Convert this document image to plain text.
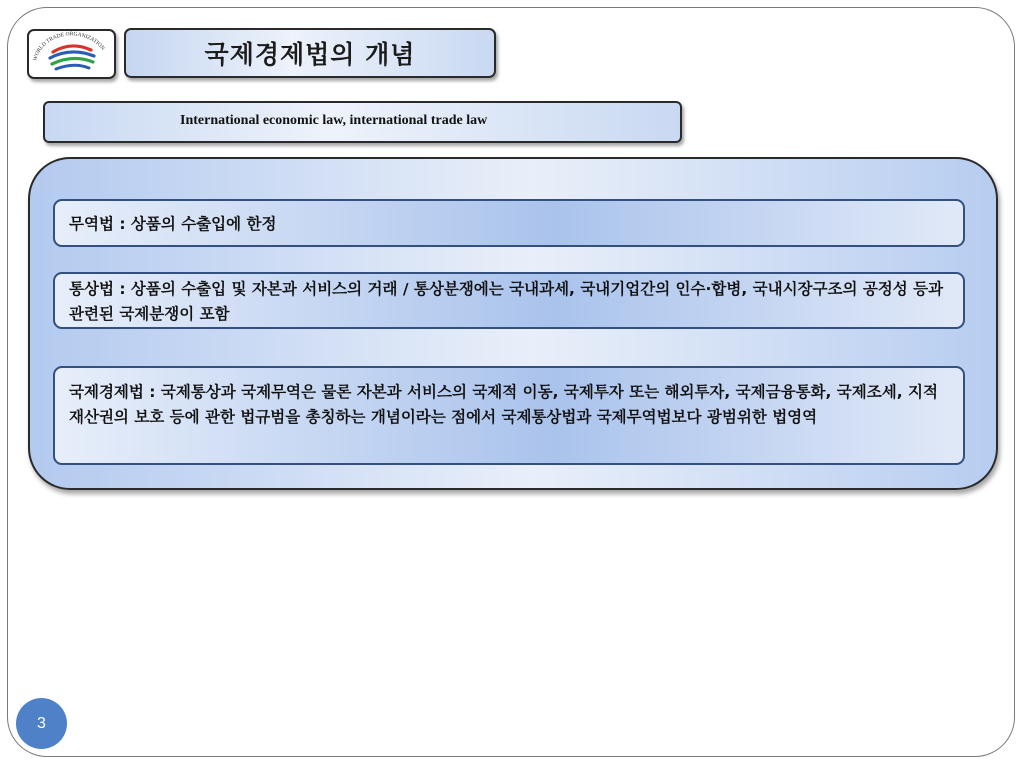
WORLD TRADE ORGANIZATION	국제경제법의 개념
International economic law, international trade law
무역법 : 상품의 수출입에 한정
통상법 : 상품의 수출입 및 자본과 서비스의 거래 / 통상분쟁에는 국내과세, 국내기업간의 인수·합병, 국내시장구조의 공정성 등과 관련된 국제분쟁이 포함
국제경제법 : 국제통상과 국제무역은 물론 자본과 서비스의 국제적 이동, 국제투자 또는 해외투자, 국제금융통화, 국제조세, 지적재산권의 보호 등에 관한 법규범을 총칭하는 개념이라는 점에서 국제통상법과 국제무역법보다 광범위한 법영역
3
